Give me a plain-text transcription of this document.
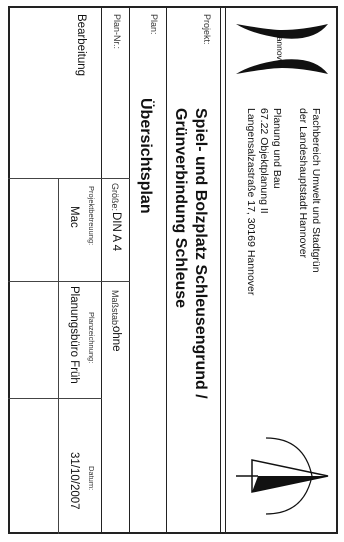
Hannover
Fachbereich Umwelt und Stadtgrün
der Landeshauptstadt Hannover
Planung und Bau
67.22 Objektplanung II
Langensalzastraße 17, 30169 Hannover
Projekt:
Spiel- und Bolzplatz Schleusengrund /
Grünverbindung Schleuse
Plan:
Übersichtsplan
Plan-Nr.:
Größe:
DIN A 4
Maßstab:
ohne
Bearbeitung
Projektbetreuung:
Mac
Planzeichnung:
Planungsbüro Früh
Datum:
31/10/2007
